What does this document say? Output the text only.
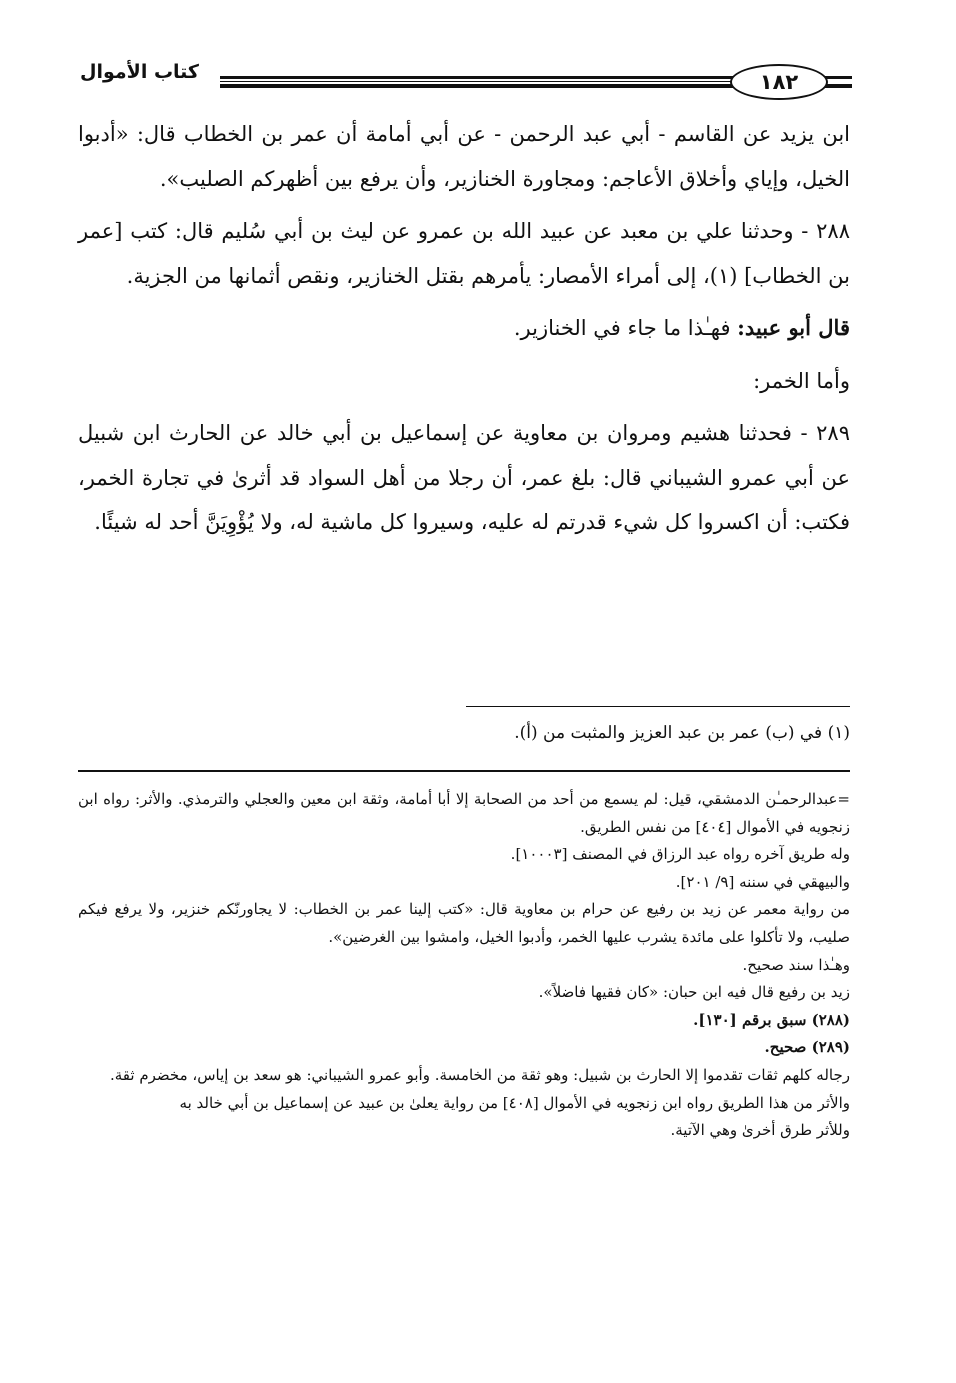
كتاب الأموال	١٨٢

ابن يزيد عن القاسم - أبي عبد الرحمن - عن أبي أمامة أن عمر بن الخطاب قال: «أدبوا الخيل، وإياي وأخلاق الأعاجم: ومجاورة الخنازير، وأن يرفع بين أظهركم الصليب».

٢٨٨ - وحدثنا علي بن معبد عن عبيد الله بن عمرو عن ليث بن أبي سُليم قال: كتب [عمر بن الخطاب] (١)، إلى أمراء الأمصار: يأمرهم بقتل الخنازير، ونقص أثمانها من الجزية.

قال أبو عبيد: فهـٰذا ما جاء في الخنازير.

وأما الخمر:

٢٨٩ - فحدثنا هشيم ومروان بن معاوية عن إسماعيل بن أبي خالد عن الحارث ابن شبيل عن أبي عمرو الشيباني قال: بلغ عمر، أن رجلا من أهل السواد قد أثرىٰ في تجارة الخمر، فكتب: أن اكسروا كل شيء قدرتم له عليه، وسيروا كل ماشية له، ولا يُؤْوِيَنَّ أحد له شيئًا.

(١) في (ب) عمر بن عبد العزيز والمثبت من (أ).

=عبدالرحمـٰن الدمشقي، قيل: لم يسمع من أحد من الصحابة إلا أبا أمامة، وثقة ابن معين والعجلي والترمذي. والأثر: رواه ابن زنجويه في الأموال [٤٠٤] من نفس الطريق.

وله طريق آخره رواه عبد الرزاق في المصنف [١٠٠٠٣].

والبيهقي في سننه [٩/ ٢٠١].

من رواية معمر عن زيد بن رفيع عن حرام بن معاوية قال: «كتب إلينا عمر بن الخطاب: لا يجاورنّكم خنزير، ولا يرفع فيكم صليب، ولا تأكلوا على مائدة يشرب عليها الخمر، وأدبوا الخيل، وامشوا بين الغرضين».

وهـٰذا سند صحيح.

زيد بن رفيع قال فيه ابن حبان: «كان فقيها فاضلاً».

(٢٨٨) سبق برقم [١٣٠].

(٢٨٩) صحيح.

رجاله كلهم ثقات تقدموا إلا الحارث بن شبيل: وهو ثقة من الخامسة. وأبو عمرو الشيباني: هو سعد بن إياس، مخضرم ثقة.

والأثر من هذا الطريق رواه ابن زنجويه في الأموال [٤٠٨] من رواية يعلىٰ بن عبيد عن إسماعيل بن أبي خالد به

وللأثر طرق أخرىٰ وهي الآتية.
